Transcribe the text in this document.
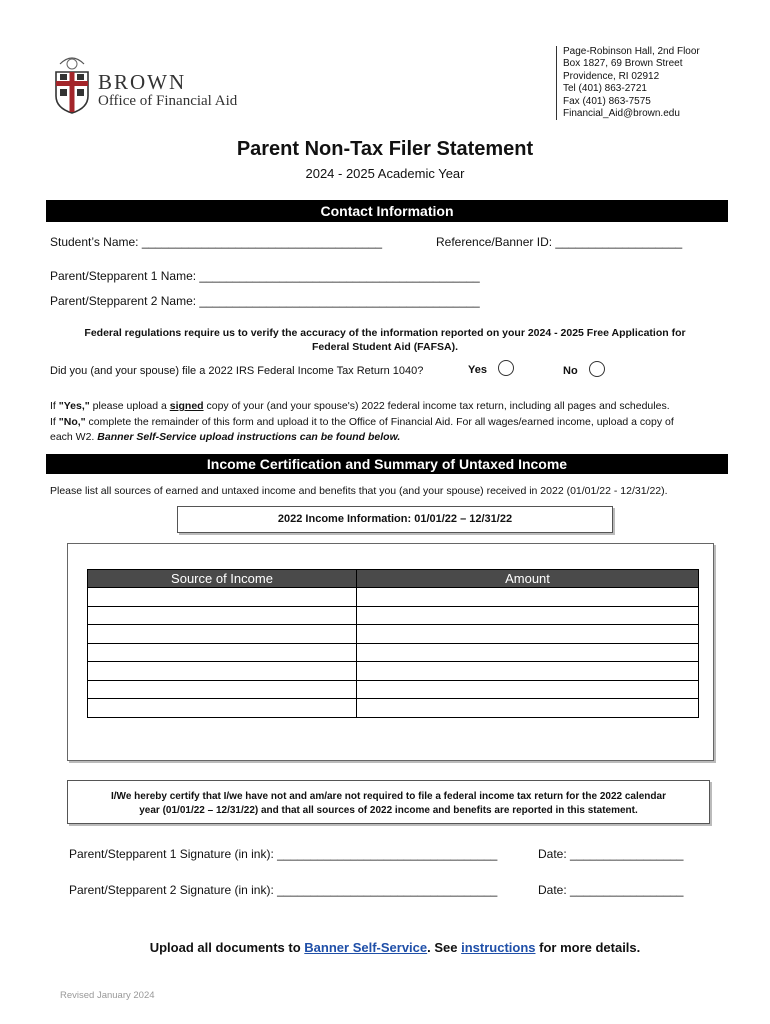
BROWN
Office of Financial Aid
Page-Robinson Hall, 2nd Floor
Box 1827, 69 Brown Street
Providence, RI 02912
Tel (401) 863-2721
Fax (401) 863-7575
Financial_Aid@brown.edu
Parent Non-Tax Filer Statement
2024 - 2025 Academic Year
Contact Information
Student’s Name: ____________________________________	Reference/Banner ID: ___________________
Parent/Stepparent 1 Name: __________________________________________
Parent/Stepparent 2 Name: __________________________________________
Federal regulations require us to verify the accuracy of the information reported on your 2024 - 2025 Free Application for
Federal Student Aid (FAFSA).
Did you (and your spouse) file a 2022 IRS Federal Income Tax Return 1040?	Yes	No
If "Yes," please upload a signed copy of your (and your spouse's) 2022 federal income tax return, including all pages and schedules.
If "No," complete the remainder of this form and upload it to the Office of Financial Aid. For all wages/earned income, upload a copy of
each W2. Banner Self-Service upload instructions can be found below.
Income Certification and Summary of Untaxed Income
Please list all sources of earned and untaxed income and benefits that you (and your spouse) received in 2022 (01/01/22 - 12/31/22).
2022 Income Information: 01/01/22 – 12/31/22
Source of Income	Amount

I/We hereby certify that I/we have not and am/are not required to file a federal income tax return for the 2022 calendar
year (01/01/22 – 12/31/22) and that all sources of 2022 income and benefits are reported in this statement.
Parent/Stepparent 1 Signature (in ink): _________________________________	Date: _________________
Parent/Stepparent 2 Signature (in ink): _________________________________	Date: _________________
Upload all documents to Banner Self-Service. See instructions for more details.
Revised January 2024
